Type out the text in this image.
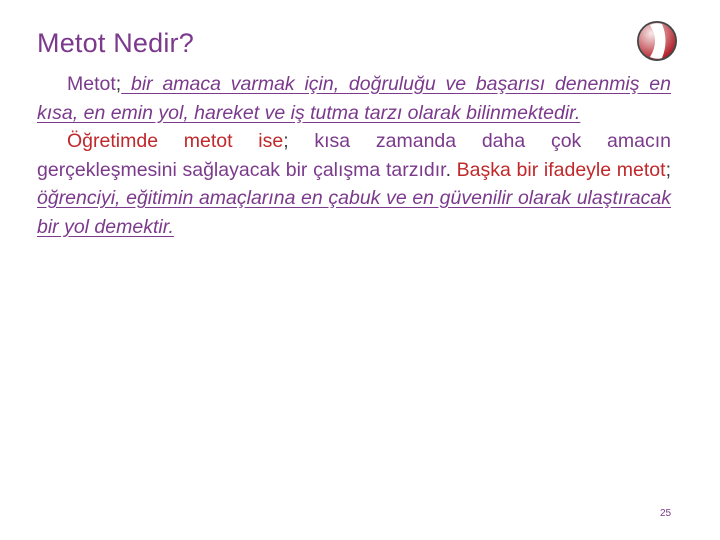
Metot Nedir?

Metot; bir amaca varmak için, doğruluğu ve başarısı denenmiş en kısa, en emin yol, hareket ve iş tutma tarzı olarak bilinmektedir.

Öğretimde metot ise; kısa zamanda daha çok amacın gerçekleşmesini sağlayacak bir çalışma tarzıdır. Başka bir ifadeyle metot; öğrenciyi, eğitimin amaçlarına en çabuk ve en güvenilir olarak ulaştıracak bir yol demektir.

25
